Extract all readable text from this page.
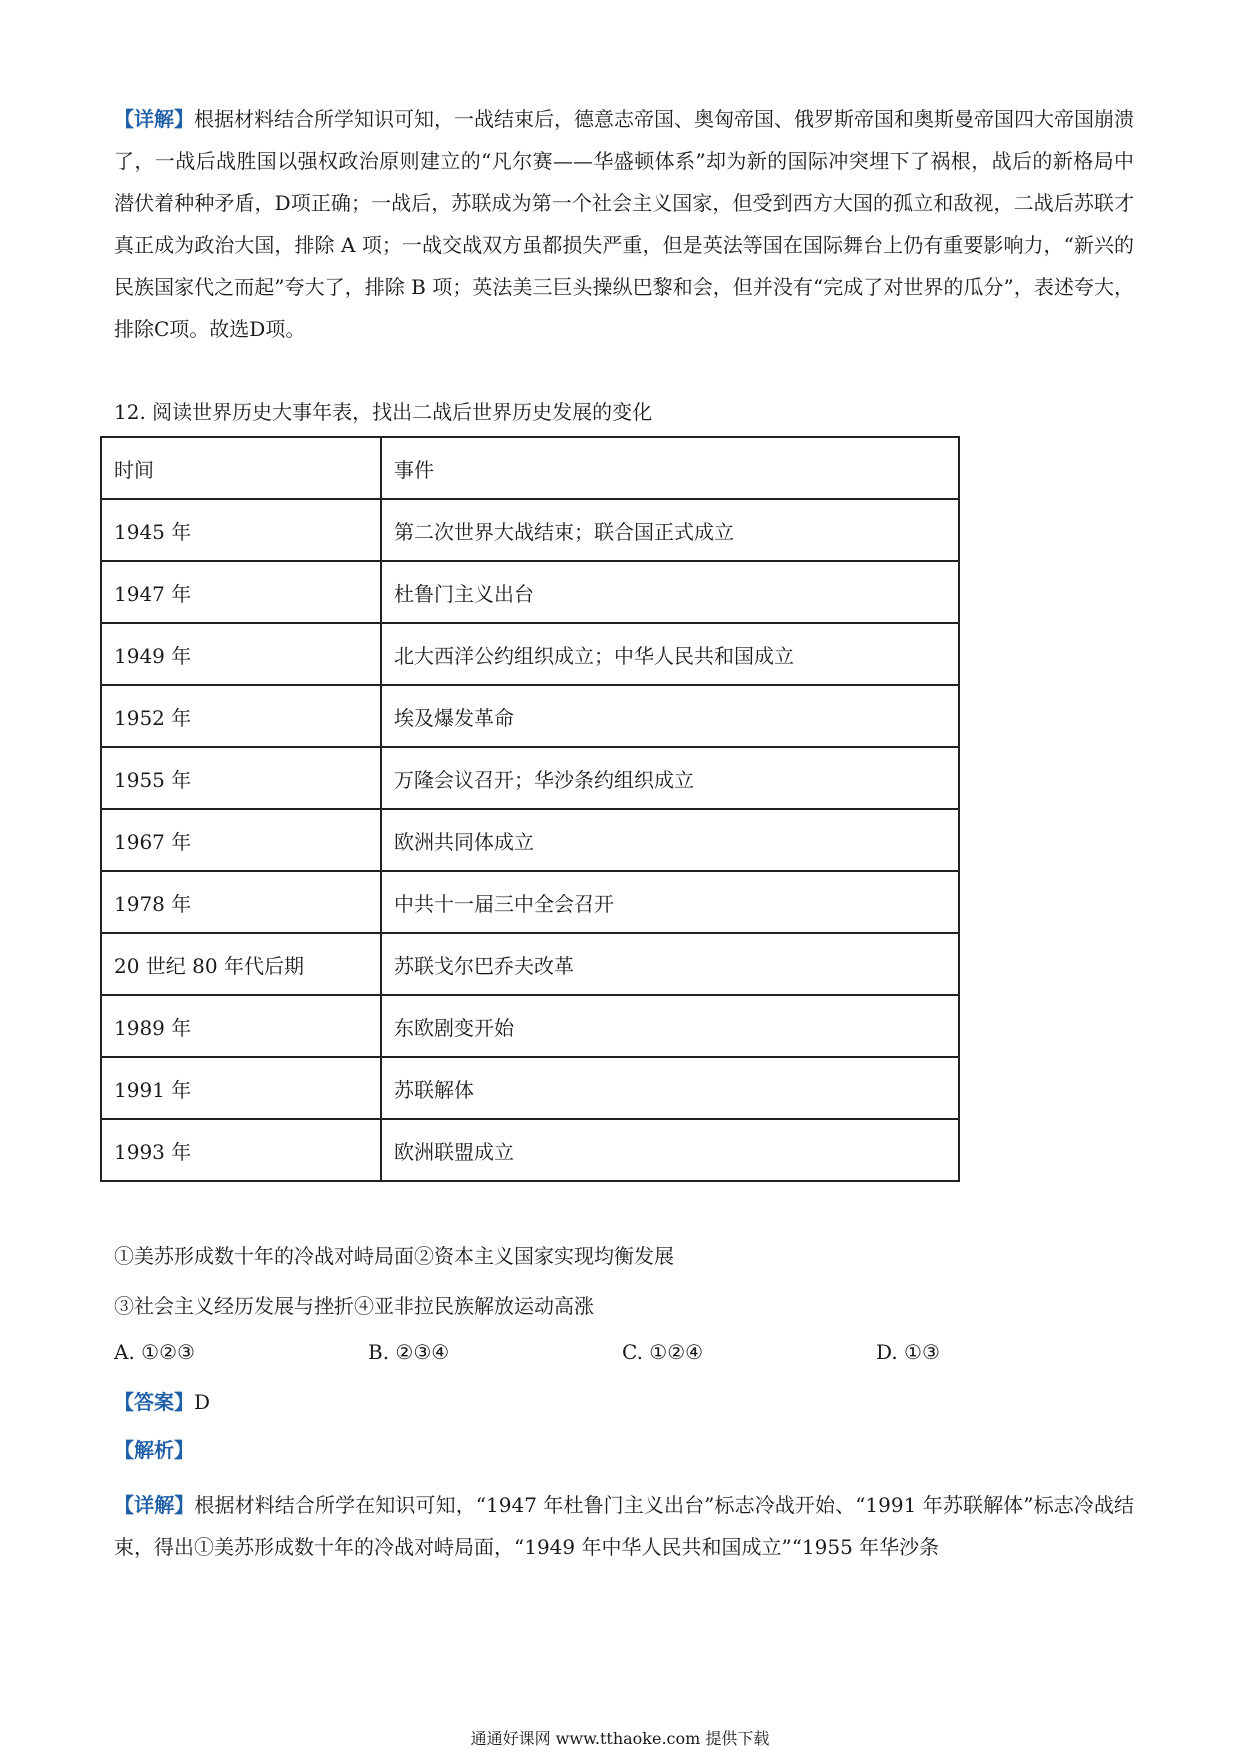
【详解】根据材料结合所学知识可知，一战结束后，德意志帝国、奥匈帝国、俄罗斯帝国和奥斯曼帝国四大帝国崩溃了，一战后战胜国以强权政治原则建立的“凡尔赛——华盛顿体系”却为新的国际冲突埋下了祸根，战后的新格局中潜伏着种种矛盾，D项正确；一战后，苏联成为第一个社会主义国家，但受到西方大国的孤立和敌视，二战后苏联才真正成为政治大国，排除 A 项；一战交战双方虽都损失严重，但是英法等国在国际舞台上仍有重要影响力，“新兴的民族国家代之而起”夸大了，排除 B 项；英法美三巨头操纵巴黎和会，但并没有“完成了对世界的瓜分”，表述夸大，排除C项。故选D项。
12. 阅读世界历史大事年表，找出二战后世界历史发展的变化
时间	事件
1945 年	第二次世界大战结束；联合国正式成立
1947 年	杜鲁门主义出台
1949 年	北大西洋公约组织成立；中华人民共和国成立
1952 年	埃及爆发革命
1955 年	万隆会议召开；华沙条约组织成立
1967 年	欧洲共同体成立
1978 年	中共十一届三中全会召开
20 世纪 80 年代后期	苏联戈尔巴乔夫改革
1989 年	东欧剧变开始
1991 年	苏联解体
1993 年	欧洲联盟成立
①美苏形成数十年的冷战对峙局面②资本主义国家实现均衡发展
③社会主义经历发展与挫折④亚非拉民族解放运动高涨
A. ①②③	B. ②③④	C. ①②④	D. ①③
【答案】D
【解析】
【详解】根据材料结合所学在知识可知，“1947 年杜鲁门主义出台”标志冷战开始、“1991 年苏联解体”标志冷战结束，得出①美苏形成数十年的冷战对峙局面，“1949 年中华人民共和国成立”“1955 年华沙条
通通好课网 www.tthaoke.com 提供下载
